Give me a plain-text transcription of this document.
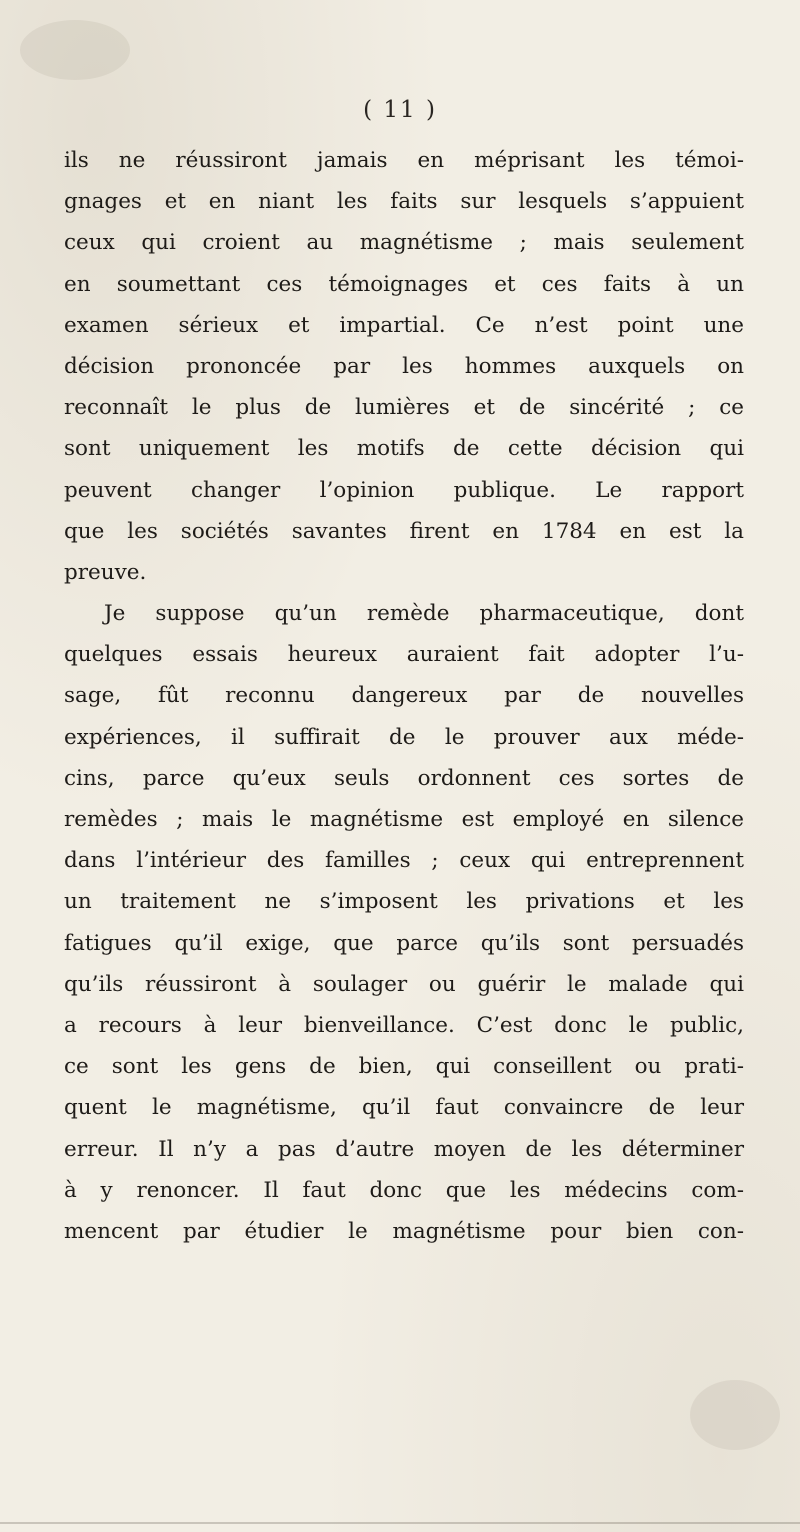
( 11 )
ils ne réussiront jamais en méprisant les témoi-
gnages et en niant les faits sur lesquels s’appuient
ceux qui croient au magnétisme ; mais seulement
en soumettant ces témoignages et ces faits à un
examen sérieux et impartial. Ce n’est point une
décision prononcée par les hommes auxquels on
reconnaît le plus de lumières et de sincérité ; ce
sont uniquement les motifs de cette décision qui
peuvent changer l’opinion publique. Le rapport
que les sociétés savantes firent en 1784 en est la
preuve.
Je suppose qu’un remède pharmaceutique, dont
quelques essais heureux auraient fait adopter l’u-
sage, fût reconnu dangereux par de nouvelles
expériences, il suffirait de le prouver aux méde-
cins, parce qu’eux seuls ordonnent ces sortes de
remèdes ; mais le magnétisme est employé en silence
dans l’intérieur des familles ; ceux qui entreprennent
un traitement ne s’imposent les privations et les
fatigues qu’il exige, que parce qu’ils sont persuadés
qu’ils réussiront à soulager ou guérir le malade qui
a recours à leur bienveillance. C’est donc le public,
ce sont les gens de bien, qui conseillent ou prati-
quent le magnétisme, qu’il faut convaincre de leur
erreur. Il n’y a pas d’autre moyen de les déterminer
à y renoncer. Il faut donc que les médecins com-
mencent par étudier le magnétisme pour bien con-
